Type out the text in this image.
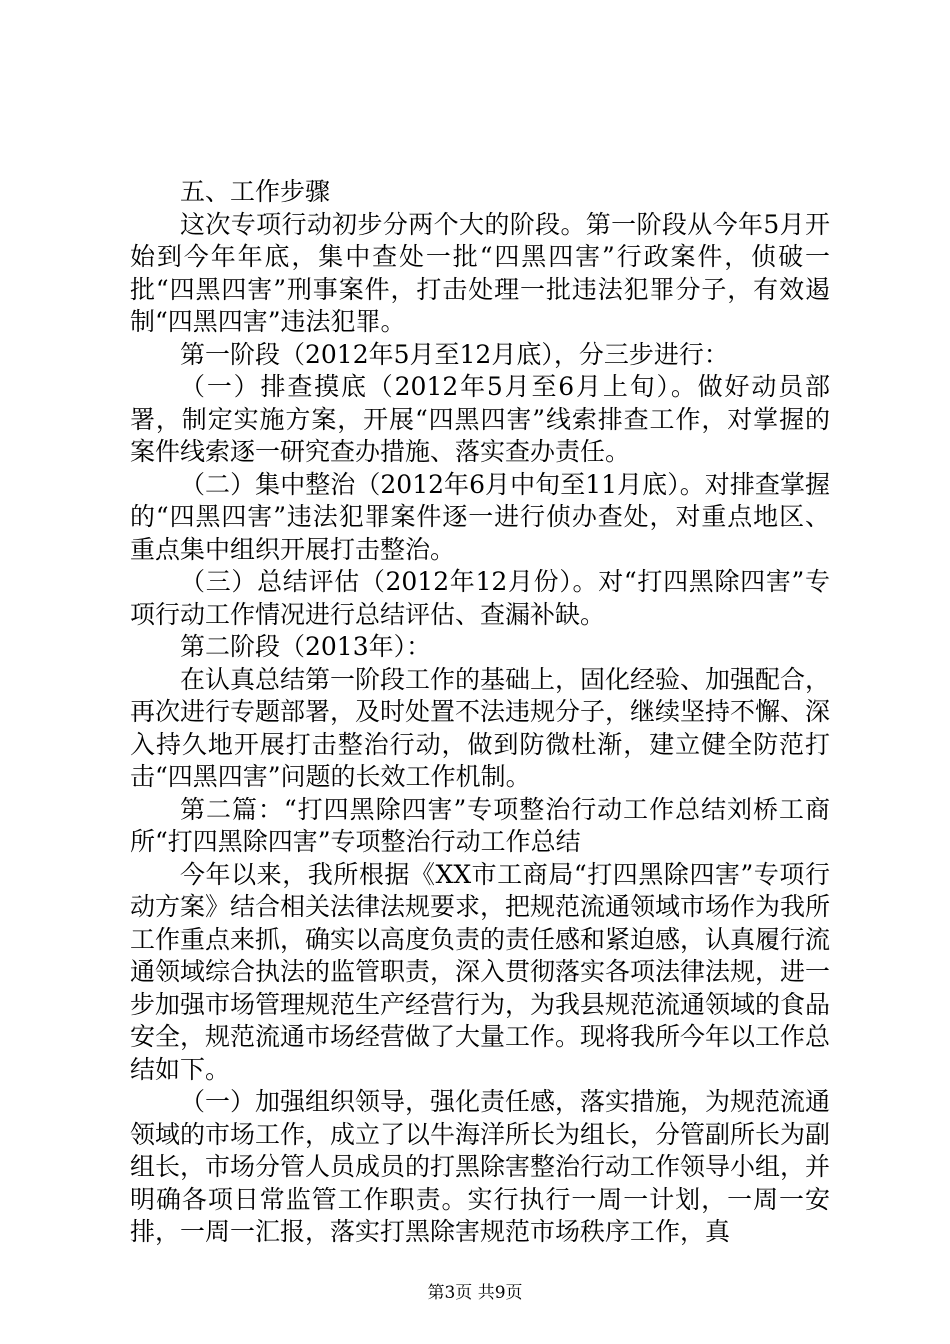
五、工作步骤

这次专项行动初步分两个大的阶段。第一阶段从今年5月开始到今年年底，集中查处一批“四黑四害”行政案件，侦破一批“四黑四害”刑事案件，打击处理一批违法犯罪分子，有效遏制“四黑四害”违法犯罪。

第一阶段（2012年5月至12月底），分三步进行：

（一）排查摸底（2012年5月至6月上旬）。做好动员部署，制定实施方案，开展“四黑四害”线索排查工作，对掌握的案件线索逐一研究查办措施、落实查办责任。

（二）集中整治（2012年6月中旬至11月底）。对排查掌握的“四黑四害”违法犯罪案件逐一进行侦办查处，对重点地区、重点集中组织开展打击整治。

（三）总结评估（2012年12月份）。对“打四黑除四害”专项行动工作情况进行总结评估、查漏补缺。

第二阶段（2013年）：

在认真总结第一阶段工作的基础上，固化经验、加强配合，再次进行专题部署，及时处置不法违规分子，继续坚持不懈、深入持久地开展打击整治行动，做到防微杜渐，建立健全防范打击“四黑四害”问题的长效工作机制。

第二篇：“打四黑除四害”专项整治行动工作总结刘桥工商所“打四黑除四害”专项整治行动工作总结

今年以来，我所根据《XX市工商局“打四黑除四害”专项行动方案》结合相关法律法规要求，把规范流通领域市场作为我所工作重点来抓，确实以高度负责的责任感和紧迫感，认真履行流通领域综合执法的监管职责，深入贯彻落实各项法律法规，进一步加强市场管理规范生产经营行为，为我县规范流通领域的食品安全，规范流通市场经营做了大量工作。现将我所今年以工作总结如下。

（一）加强组织领导，强化责任感，落实措施，为规范流通领域的市场工作，成立了以牛海洋所长为组长，分管副所长为副组长，市场分管人员成员的打黑除害整治行动工作领导小组，并明确各项日常监管工作职责。实行执行一周一计划，一周一安排，一周一汇报，落实打黑除害规范市场秩序工作，真

第3页 共9页
